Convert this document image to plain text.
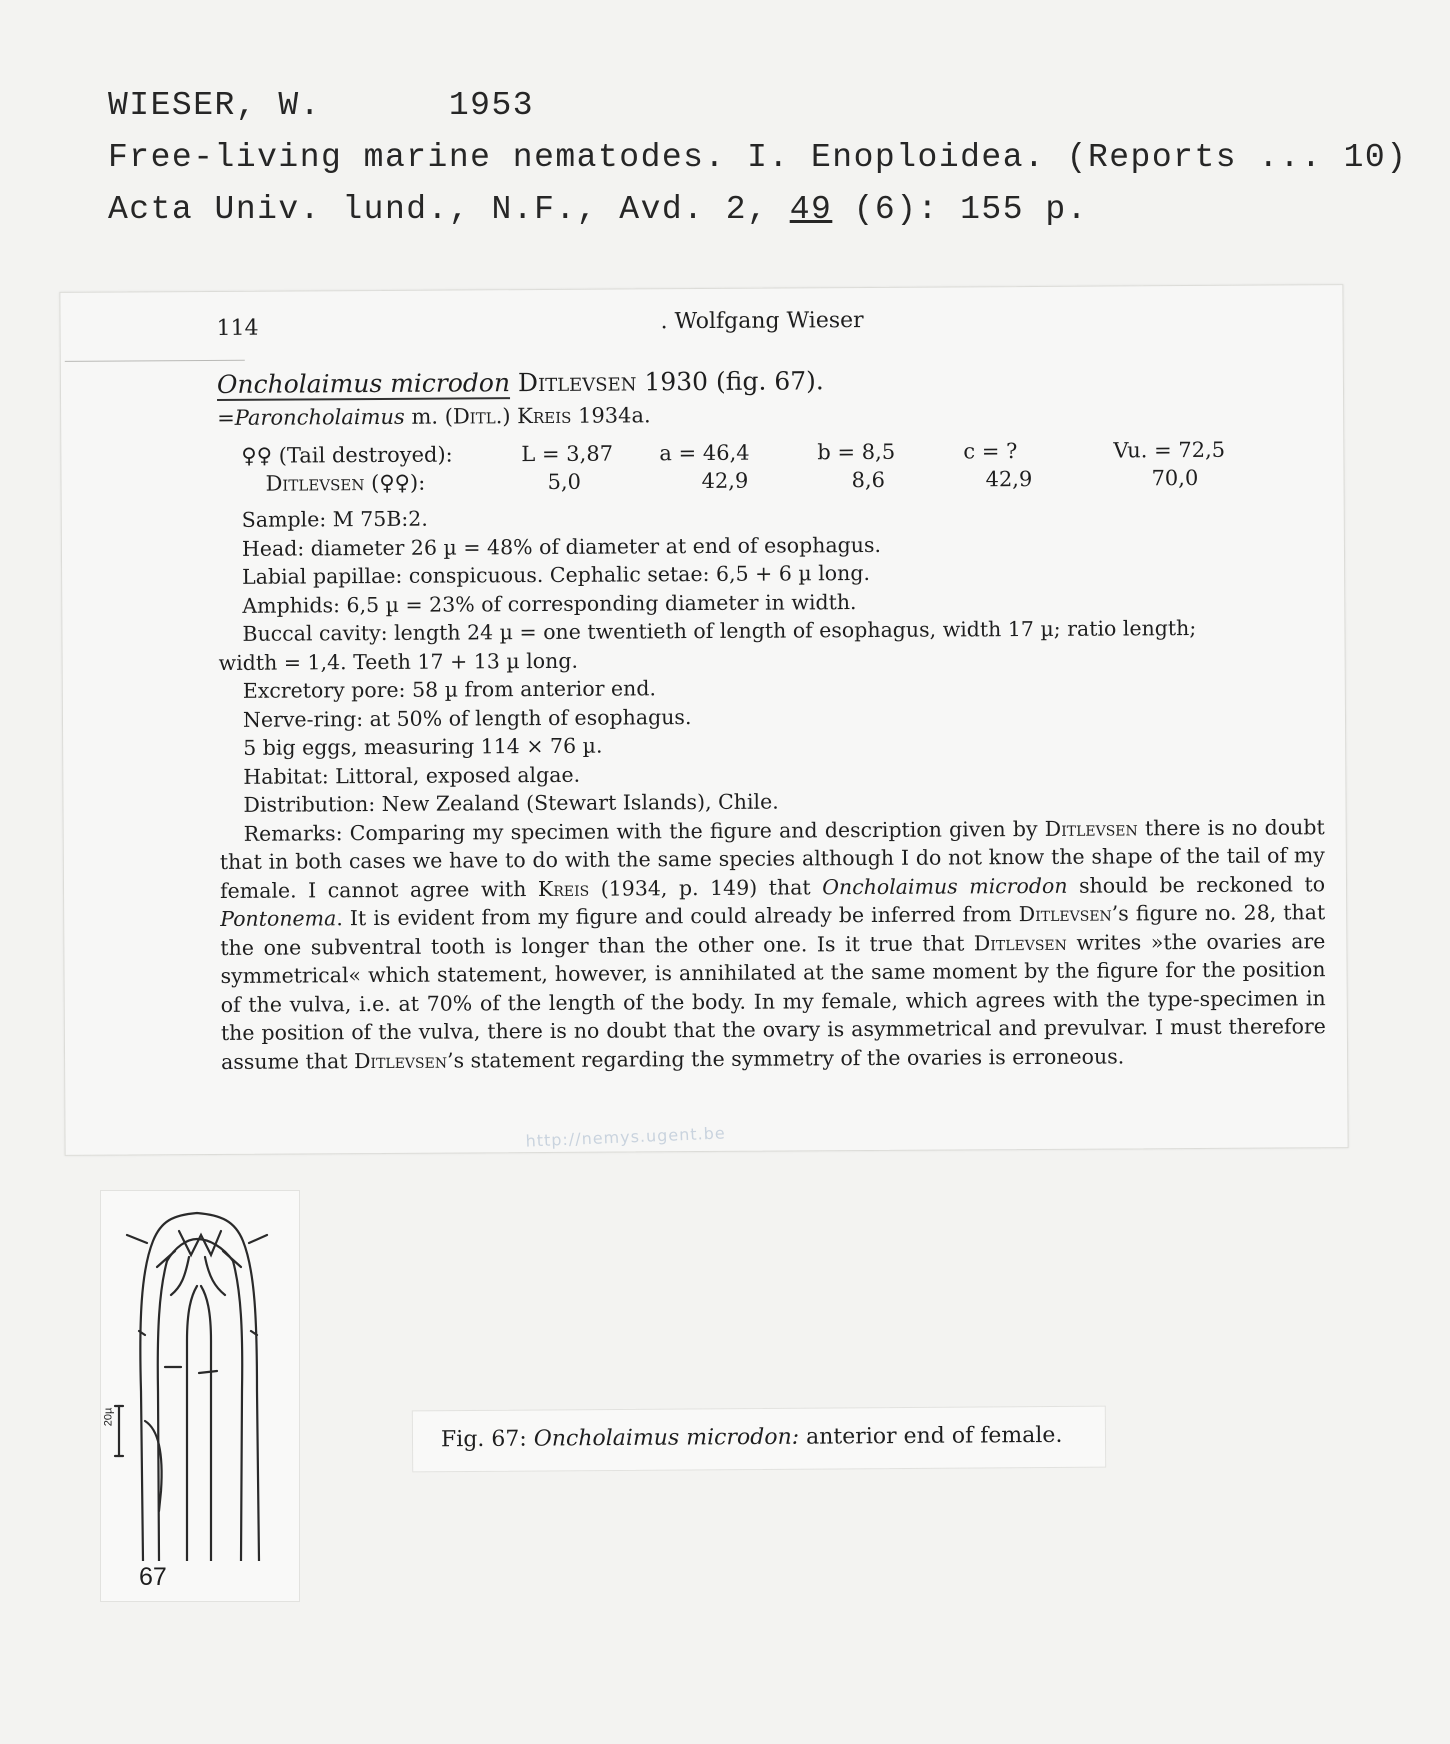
WIESER, W.	1953
Free-living marine nematodes. I. Enoploidea. (Reports ... 10)
Acta Univ. lund., N.F., Avd. 2, 49 (6): 155 p.
114	. Wolfgang Wieser
Oncholaimus microdon Ditlevsen 1930 (fig. 67).
=Paroncholaimus m. (Ditl.) Kreis 1934a.
♀♀ (Tail destroyed):	L = 3,87 a = 46,4	b = 8,5	c = ?	Vu. = 72,5
Ditlevsen (♀♀):	5,0	42,9	8,6	42,9	70,0

Sample: M 75B:2.

Head: diameter 26 µ = 48% of diameter at end of esophagus.

Labial papillae: conspicuous. Cephalic setae: 6,5 + 6 µ long.

Amphids: 6,5 µ = 23% of corresponding diameter in width.

Buccal cavity: length 24 µ = one twentieth of length of esophagus, width 17 µ; ratio length;

width = 1,4. Teeth 17 + 13 µ long.

Excretory pore: 58 µ from anterior end.

Nerve-ring: at 50% of length of esophagus.

5 big eggs, measuring 114 × 76 µ.

Habitat: Littoral, exposed algae.

Distribution: New Zealand (Stewart Islands), Chile.

Remarks: Comparing my specimen with the figure and description given by Ditlevsen there is no doubt that in both cases we have to do with the same species although I do not know the shape of the tail of my female. I cannot agree with Kreis (1934, p. 149) that Oncholaimus microdon should be reckoned to Pontonema. It is evident from my figure and could already be inferred from Ditlevsen’s figure no. 28, that the one subventral tooth is longer than the other one. Is it true that Ditlevsen writes »the ovaries are symmetrical« which statement, however, is annihilated at the same moment by the figure for the position of the vulva, i.e. at 70% of the length of the body. In my female, which agrees with the type-specimen in the position of the vulva, there is no doubt that the ovary is asymmetrical and prevulvar. I must therefore assume that Ditlevsen’s statement regarding the symmetry of the ovaries is erroneous.

http://nemys.ugent.be
20µ
67
Fig. 67: Oncholaimus microdon: anterior end of female.
